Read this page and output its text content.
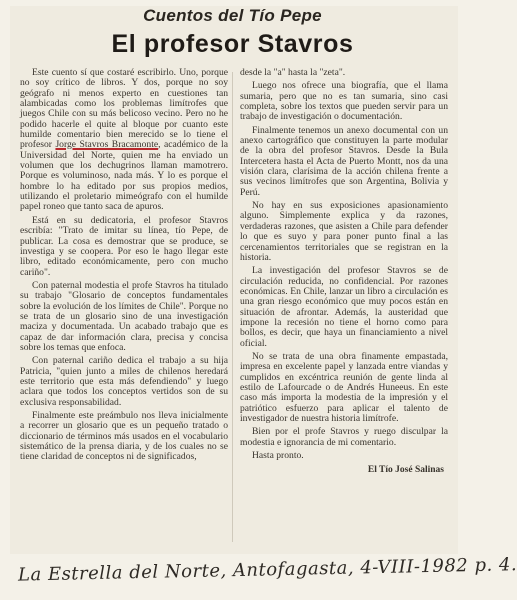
Cuentos del Tío Pepe
El profesor Stavros

Este cuento sí que costaré escribirlo. Uno, porque no soy crítico de libros. Y dos, porque no soy geógrafo ni menos experto en cuestiones tan alambicadas como los problemas limítrofes que juegos Chile con su más belicoso vecino. Pero no he podido hacerle el quite al bloque por cuanto este humilde comentario bien merecido se lo tiene el profesor Jorge Stavros Bracamonte, académico de la Universidad del Norte, quien me ha enviado un volumen que los dechugrinos llaman mamotrero. Porque es voluminoso, nada más. Y lo es porque el hombre lo ha editado por sus propios medios, utilizando el proletario mimeógrafo con el humilde papel roneo que tanto saca de apuros.

Está en su dedicatoria, el profesor Stavros escribía: "Trato de imitar su línea, tío Pepe, de publicar. La cosa es demostrar que se produce, se investiga y se coopera. Por eso le hago llegar este libro, editado económicamente, pero con mucho cariño".

Con paternal modestia el profe Stavros ha titulado su trabajo "Glosario de conceptos fundamentales sobre la evolución de los límites de Chile". Porque no se trata de un glosario sino de una investigación maciza y documentada. Un acabado trabajo que es capaz de dar información clara, precisa y concisa sobre los temas que enfoca.

Con paternal cariño dedica el trabajo a su hija Patricia, "quien junto a miles de chilenos heredará este territorio que esta más defendiendo" y luego aclara que todos los conceptos vertidos son de su exclusiva responsabilidad.

Finalmente este preámbulo nos lleva inicialmente a recorrer un glosario que es un pequeño tratado o diccionario de términos más usados en el vocabulario sistemático de la prensa diaria, y de los cuales no se tiene claridad de conceptos ni de significados,

desde la "a" hasta la "zeta".

Luego nos ofrece una biografía, que el llama sumaria, pero que no es tan sumaria, sino casi completa, sobre los textos que pueden servir para un trabajo de investigación o documentación.

Finalmente tenemos un anexo documental con un anexo cartográfico que constituyen la parte modular de la obra del profesor Stavros. Desde la Bula Intercetera hasta el Acta de Puerto Montt, nos da una visión clara, clarísima de la acción chilena frente a sus vecinos limítrofes que son Argentina, Bolivia y Perú.

No hay en sus exposiciones apasionamiento alguno. Simplemente explica y da razones, verdaderas razones, que asisten a Chile para defender lo que es suyo y para poner punto final a las cercenamientos territoriales que se registran en la historia.

La investigación del profesor Stavros se de circulación reducida, no confidencial. Por razones económicas. En Chile, lanzar un libro a circulación es una gran riesgo económico que muy pocos están en situación de afrontar. Además, la austeridad que impone la recesión no tiene el horno como para bollos, es decir, que haya un financiamiento a nivel oficial.

No se trata de una obra finamente empastada, impresa en excelente papel y lanzada entre viandas y cumplidos en excéntrica reunión de gente linda al estilo de Lafourcade o de Andrés Huneeus. En este caso más importa la modestia de la impresión y el patriótico esfuerzo para aplicar el talento de investigador de nuestra historia limítrofe.

Bien por el profe Stavros y ruego disculpar la modestia e ignorancia de mi comentario.

Hasta pronto.

El Tío José Salinas
La Estrella del Norte, Antofagasta, 4-VIII-1982 p. 4.
